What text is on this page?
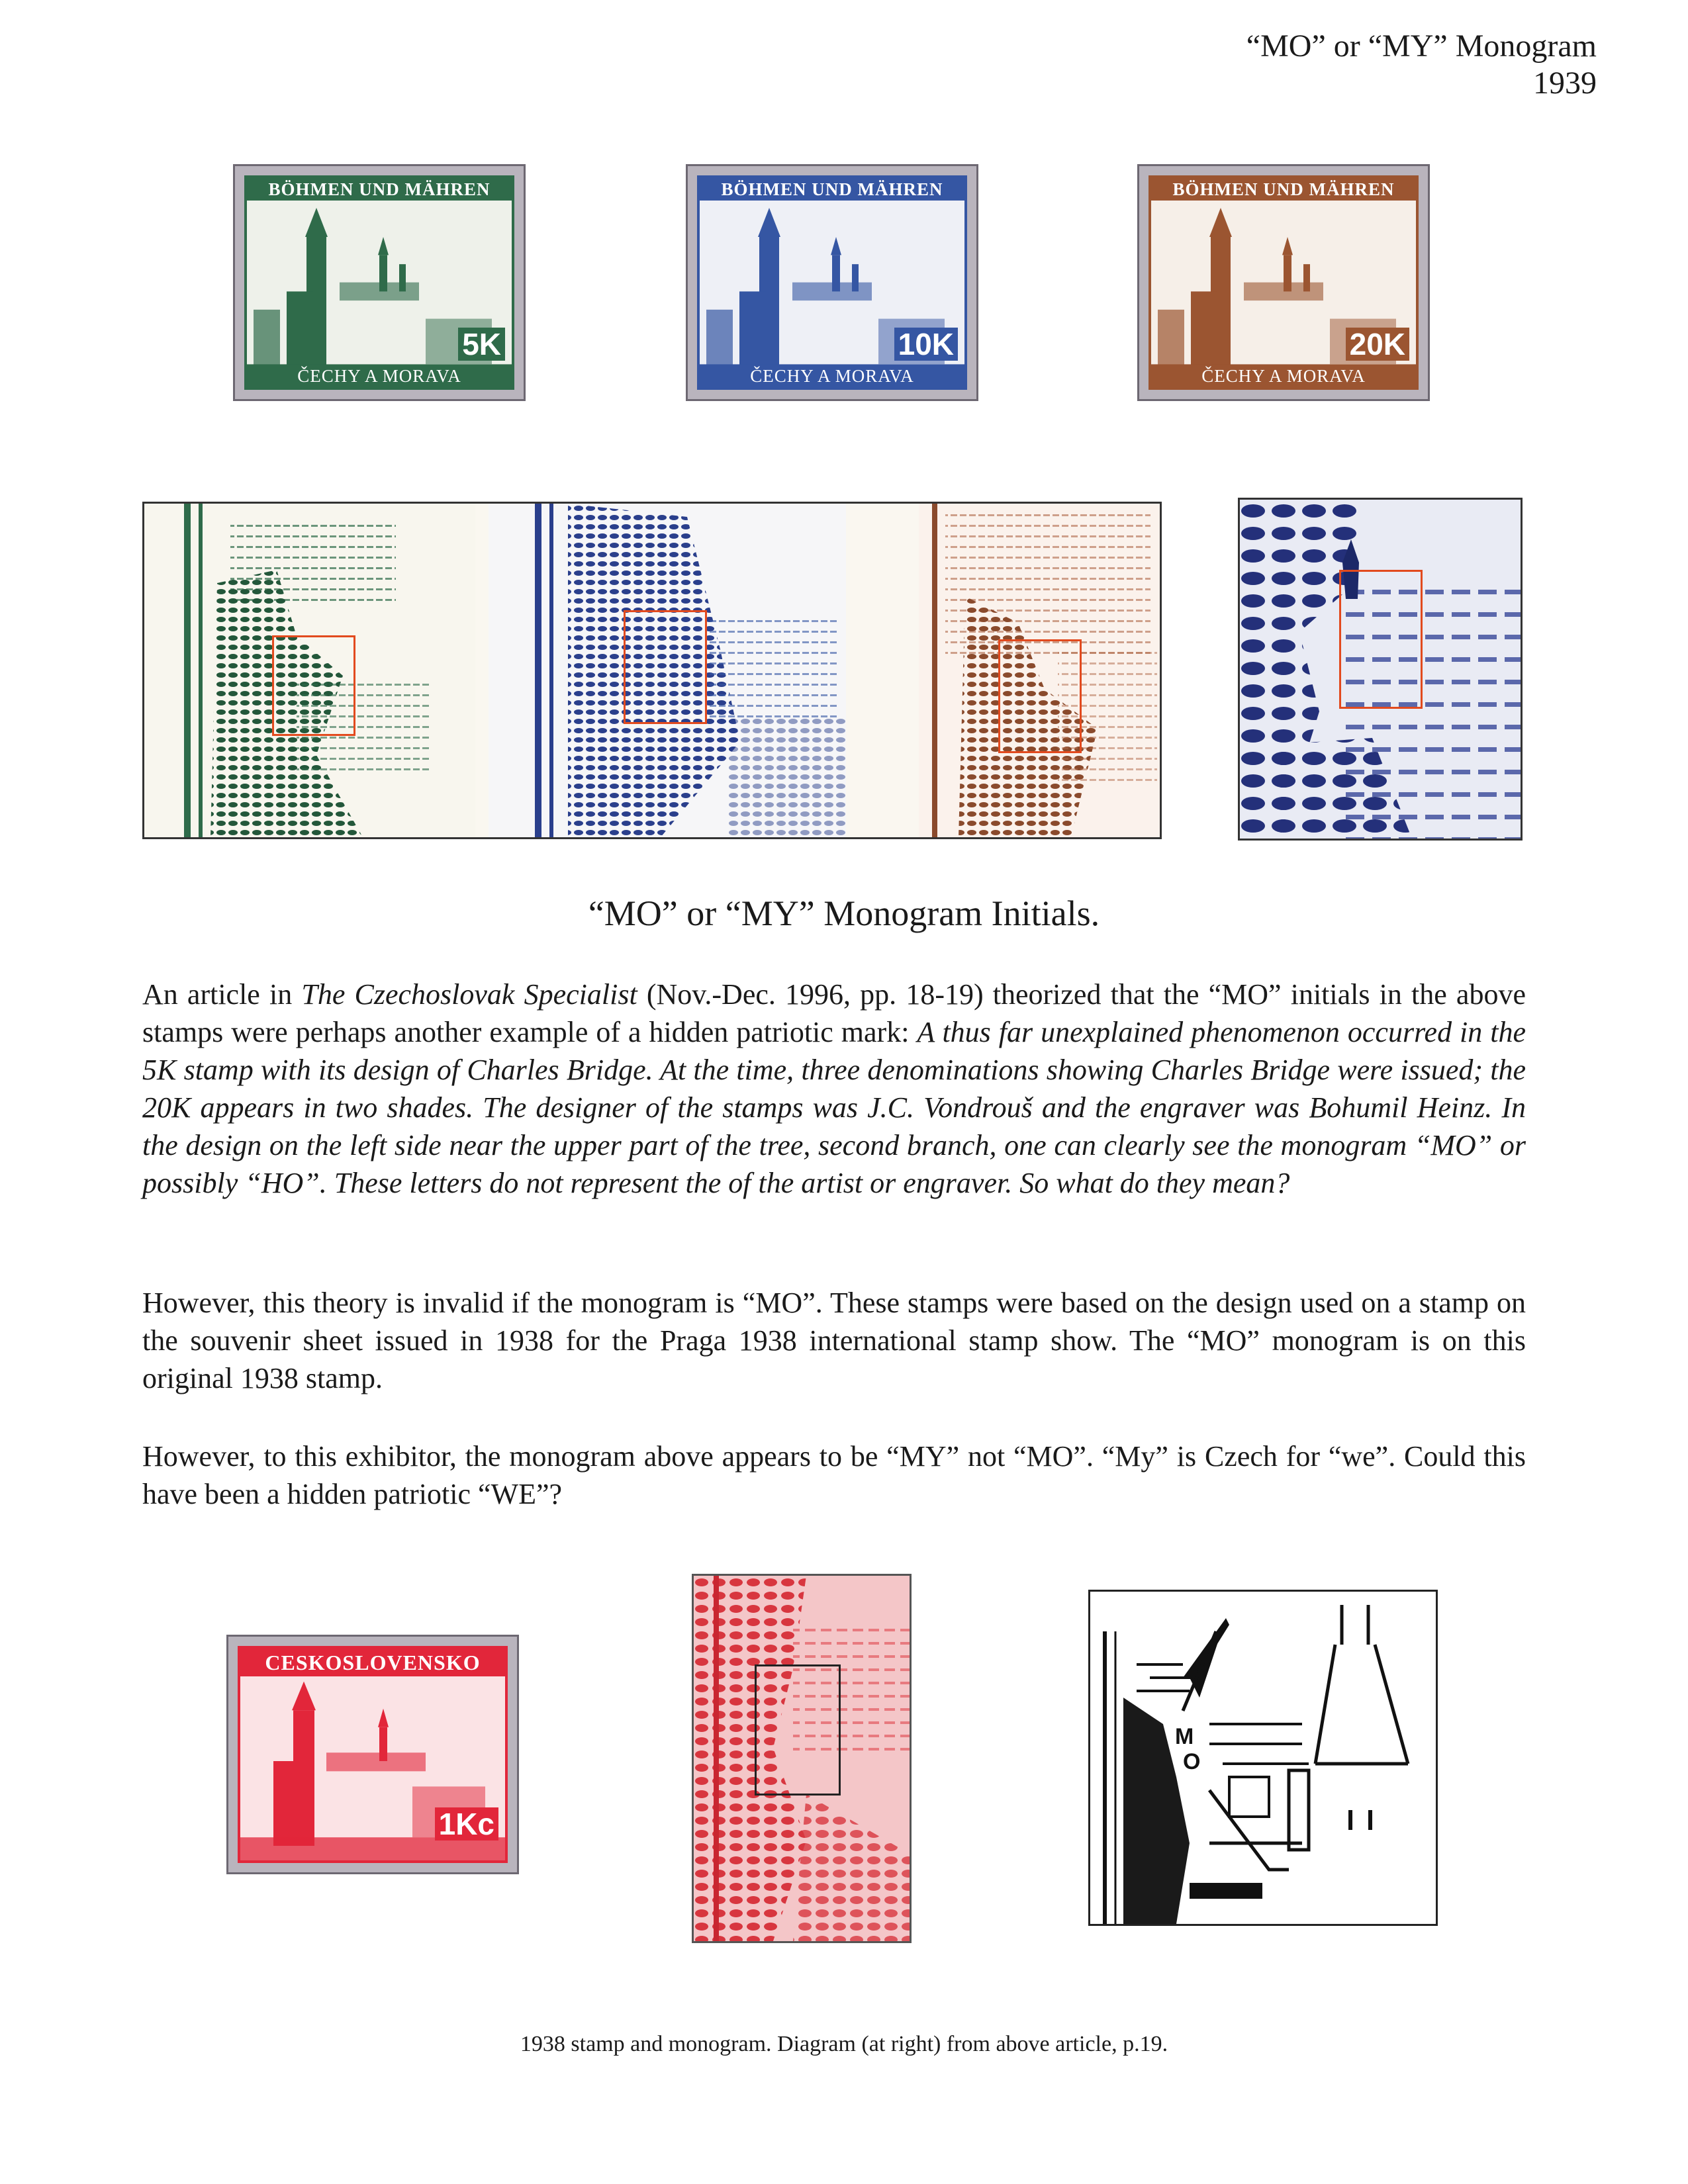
“MO” or “MY” Monogram
1939
BÖHMEN UND MÄHREN
5K
ČECHY A MORAVA
BÖHMEN UND MÄHREN
10K
ČECHY A MORAVA
BÖHMEN UND MÄHREN
20K
ČECHY A MORAVA
“MO” or “MY” Monogram Initials.

An article in The Czechoslovak Specialist (Nov.-Dec. 1996, pp. 18-19) theorized that the “MO” initials in the above stamps were perhaps another example of a hidden patriotic mark: A thus far unexplained phenomenon occurred in the 5K stamp with its design of Charles Bridge. At the time, three denominations showing Charles Bridge were issued; the 20K appears in two shades. The designer of the stamps was J.C. Vondrouš and the engraver was Bohumil Heinz. In the design on the left side near the upper part of the tree, second branch, one can clearly see the monogram “MO” or possibly “HO”. These letters do not represent the of the artist or engraver. So what do they mean?

However, this theory is invalid if the monogram is “MO”. These stamps were based on the design used on a stamp on the souvenir sheet issued in 1938 for the Praga 1938 international stamp show. The “MO” monogram is on this original 1938 stamp.

However, to this exhibitor, the monogram above appears to be “MY” not “MO”. “My” is Czech for “we”. Could this have been a hidden patriotic “WE”?

CESKOSLOVENSKO
1Kc
M
O
1938 stamp and monogram. Diagram (at right) from above article, p.19.
